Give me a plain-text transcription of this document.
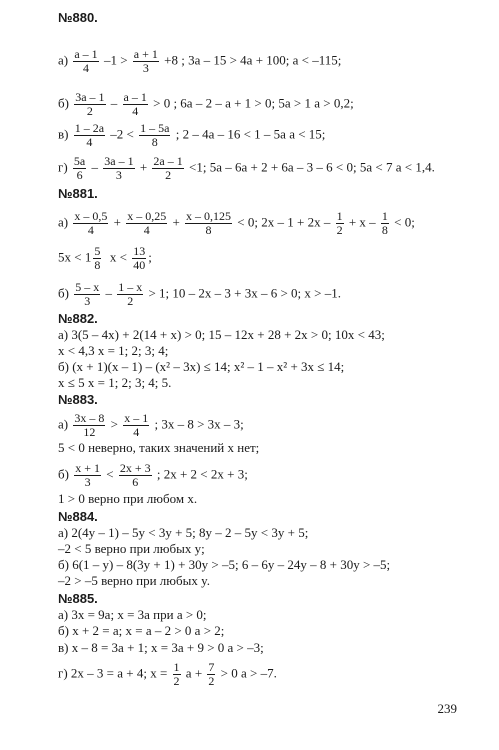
№880.
$а) \frac{a - 1}{4} -1 > \frac{a + 1}{3} +8$ ; 3a – 15 > 4a + 100; a < –115;
$б) \frac{3a - 1}{2} - \frac{a - 1}{4} > 0$ ; 6a – 2 – a + 1 > 0; 5a > 1 a > 0,2;
$в) \frac{1 - 2a}{4} -2 < \frac{1 - 5a}{8}$ ; 2 – 4a – 16 < 1 – 5a a < 15;
$г) \frac{5a}{6} - \frac{3a - 1}{3} + \frac{2a - 1}{2} <1$; 5a – 6a + 2 + 6a – 3 – 6 < 0; 5a < 7 a < 1,4.
№881.
$а) \frac{x - 0,5}{4} + \frac{x - 0,25}{4} + \frac{x - 0,125}{8} < 0$; $2x - 1 + 2x - \frac{1}{2} + x - \frac{1}{8} < 0$;
$5x < 1 \frac{5}{8}$ $x < \frac{13}{40}$ ;
$б) \frac{5 - x}{3} - \frac{1 - x}{2} > 1$; 10 – 2x – 3 + 3x – 6 > 0; x > –1.
№882.
а) 3(5 – 4x) + 2(14 + x) > 0; 15 – 12x + 28 + 2x > 0; 10x < 43;
x < 4,3 x = 1; 2; 3; 4;
б) (x + 1)(x – 1) – (x² – 3x) ≤ 14; x² – 1 – x² + 3x ≤ 14;
x ≤ 5 x = 1; 2; 3; 4; 5.
№883.
$а) \frac{3x - 8}{12} > \frac{x - 1}{4}$ ; 3x – 8 > 3x – 3;
5 < 0 неверно, таких значений x нет;
$б) \frac{x + 1}{3} < \frac{2x + 3}{6}$ ; 2x + 2 < 2x + 3;
1 > 0 верно при любом x.
№884.
а) 2(4y – 1) – 5y < 3y + 5; 8y – 2 – 5y < 3y + 5;
–2 < 5 верно при любых y;
б) 6(1 – y) – 8(3y + 1) + 30y > –5; 6 – 6y – 24y – 8 + 30y > –5;
–2 > –5 верно при любых y.
№885.
а) 3x = 9a; x = 3a при a > 0;
б) x + 2 = a; x = a – 2 > 0 a > 2;
в) x – 8 = 3a + 1; x = 3a + 9 > 0 a > –3;
г) 2x – 3 = a + 4; $x = \frac{1}{2}$ $a + \frac{7}{2} > 0$ a > –7.
239
